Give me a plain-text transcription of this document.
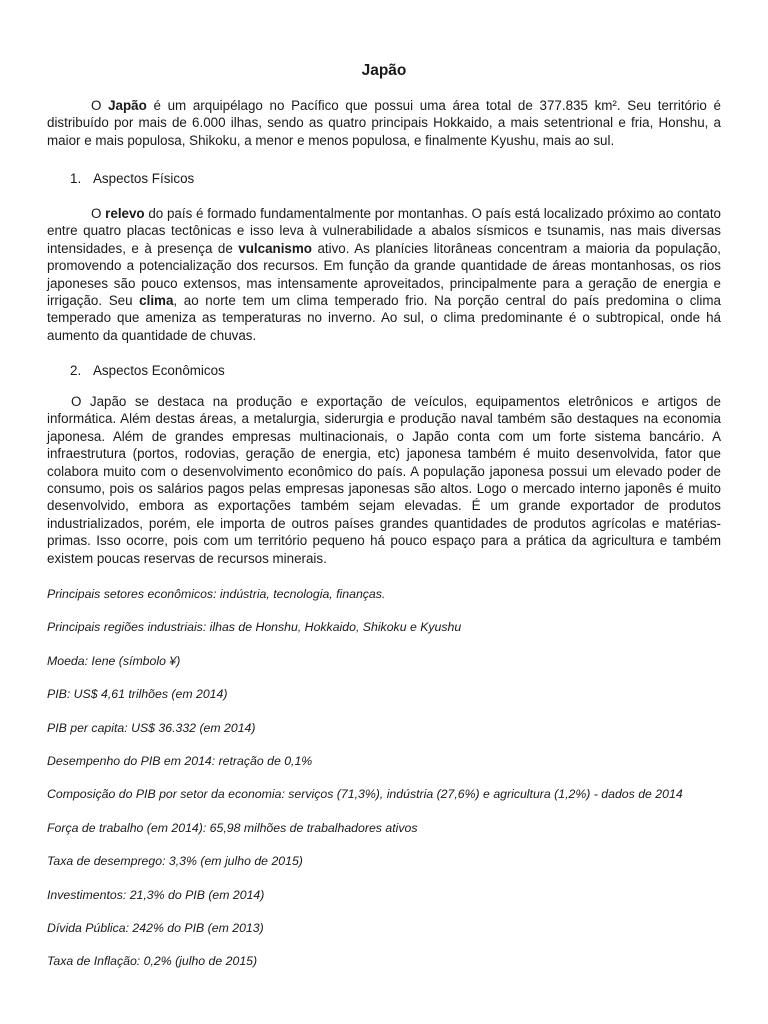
Japão

O Japão é um arquipélago no Pacífico que possui uma área total de 377.835 km². Seu território é distribuído por mais de 6.000 ilhas, sendo as quatro principais Hokkaido, a mais setentrional e fria, Honshu, a maior e mais populosa, Shikoku, a menor e menos populosa, e finalmente Kyushu, mais ao sul.

1. Aspectos Físicos

O relevo do país é formado fundamentalmente por montanhas. O país está localizado próximo ao contato entre quatro placas tectônicas e isso leva à vulnerabilidade a abalos sísmicos e tsunamis, nas mais diversas intensidades, e à presença de vulcanismo ativo. As planícies litorâneas concentram a maioria da população, promovendo a potencialização dos recursos. Em função da grande quantidade de áreas montanhosas, os rios japoneses são pouco extensos, mas intensamente aproveitados, principalmente para a geração de energia e irrigação. Seu clima, ao norte tem um clima temperado frio. Na porção central do país predomina o clima temperado que ameniza as temperaturas no inverno. Ao sul, o clima predominante é o subtropical, onde há aumento da quantidade de chuvas.

2. Aspectos Econômicos

O Japão se destaca na produção e exportação de veículos, equipamentos eletrônicos e artigos de informática. Além destas áreas, a metalurgia, siderurgia e produção naval também são destaques na economia japonesa. Além de grandes empresas multinacionais, o Japão conta com um forte sistema bancário. A infraestrutura (portos, rodovias, geração de energia, etc) japonesa também é muito desenvolvida, fator que colabora muito com o desenvolvimento econômico do país. A população japonesa possui um elevado poder de consumo, pois os salários pagos pelas empresas japonesas são altos. Logo o mercado interno japonês é muito desenvolvido, embora as exportações também sejam elevadas. É um grande exportador de produtos industrializados, porém, ele importa de outros países grandes quantidades de produtos agrícolas e matérias-primas. Isso ocorre, pois com um território pequeno há pouco espaço para a prática da agricultura e também existem poucas reservas de recursos minerais.

Principais setores econômicos: indústria, tecnologia, finanças.
Principais regiões industriais: ilhas de Honshu, Hokkaido, Shikoku e Kyushu
Moeda: Iene (símbolo ¥)
PIB: US$ 4,61 trilhões (em 2014)
PIB per capita: US$ 36.332 (em 2014)
Desempenho do PIB em 2014: retração de 0,1%
Composição do PIB por setor da economia: serviços (71,3%), indústria (27,6%) e agricultura (1,2%) - dados de 2014
Força de trabalho (em 2014): 65,98 milhões de trabalhadores ativos
Taxa de desemprego: 3,3% (em julho de 2015)
Investimentos: 21,3% do PIB (em 2014)
Dívida Pública: 242% do PIB (em 2013)
Taxa de Inflação: 0,2% (julho de 2015)
